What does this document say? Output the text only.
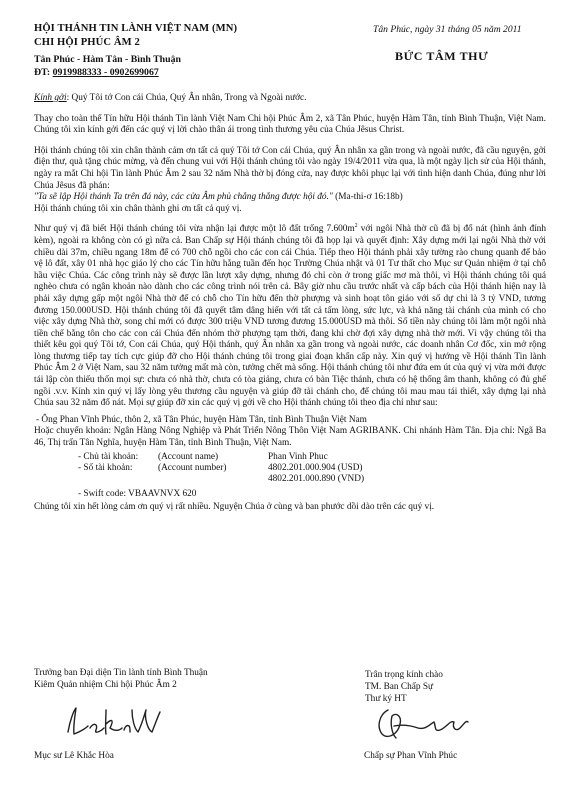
HỘI THÁNH TIN LÀNH VIỆT NAM (MN)
CHI HỘI PHÚC ÂM 2
Tân Phúc - Hàm Tân - Bình Thuận
ĐT: 0919988333 - 0902699067
Tân Phúc, ngày 31 tháng 05 năm 2011
BỨC TÂM THƯ

Kính gởi: Quý Tôi tớ Con cái Chúa, Quý Ân nhân, Trong và Ngoài nước.

Thay cho toàn thể Tín hữu Hội thánh Tin lành Việt Nam Chi hội Phúc Âm 2, xã Tân Phúc, huyện Hàm Tân, tỉnh Bình Thuận, Việt Nam. Chúng tôi xin kính gởi đến các quý vị lời chào thân ái trong tình thương yêu của Chúa Jêsus Christ.

Hội thánh chúng tôi xin chân thành cảm ơn tất cả quý Tôi tớ Con cái Chúa, quý Ân nhân xa gần trong và ngoài nước, đã cầu nguyện, gởi điện thư, quà tặng chúc mừng, và đến chung vui với Hội thánh chúng tôi vào ngày 19/4/2011 vừa qua, là một ngày lịch sử của Hội thánh, ngày ra mắt Chi hội Tin lành Phúc Âm 2 sau 32 năm Nhà thờ bị đóng cửa, nay được khôi phục lại với tình hiện danh Chúa, đúng như lời Chúa Jêsus đã phán:
"Ta sẽ lập Hội thánh Ta trên đá này, các cửa Âm phủ chẳng thắng được hội đó." (Ma-thi-ơ 16:18b)
Hội thánh chúng tôi xin chân thành ghi ơn tất cả quý vị.

Như quý vị đã biết Hội thánh chúng tôi vừa nhận lại được một lô đất trống $7.600m^2$ với ngôi Nhà thờ cũ đã bị đổ nát (hình ảnh đính kèm), ngoài ra không còn có gì nữa cả. Ban Chấp sự Hội thánh chúng tôi đã họp lại và quyết định: Xây dựng mới lại ngôi Nhà thờ với chiều dài 37m, chiều ngang 18m để có 700 chỗ ngồi cho các con cái Chúa. Tiếp theo Hội thánh phải xây tường rào chung quanh để bảo vệ lô đất, xây 01 nhà học giáo lý cho các Tín hữu hằng tuần đến học Trường Chúa nhật và 01 Tư thất cho Mục sư Quản nhiệm ở tại chỗ hầu việc Chúa. Các công trình này sẽ được lần lượt xây dựng, nhưng đó chỉ còn ở trong giấc mơ mà thôi, vì Hội thánh chúng tôi quá nghèo chưa có ngân khoản nào dành cho các công trình nói trên cả. Bây giờ nhu cầu trước nhất và cấp bách của Hội thánh hiện nay là phải xây dựng gấp một ngôi Nhà thờ để có chỗ cho Tín hữu đến thờ phượng và sinh hoạt tôn giáo với số dự chi là 3 tỷ VND, tương đương 150.000USD. Hội thánh chúng tôi đã quyết tâm dâng hiến với tất cả tấm lòng, sức lực, và khả năng tài chánh của mình có cho việc xây dựng Nhà thờ, song chỉ mới có được 300 triệu VND tương đương 15.000USD mà thôi. Số tiền này chúng tôi làm một ngôi nhà tiền chế bằng tôn cho các con cái Chúa đến nhóm thờ phượng tạm thời, đang khi chờ đợi xây dựng nhà thờ mới. Vì vậy chúng tôi tha thiết kêu gọi quý Tôi tớ, Con cái Chúa, quý Hội thánh, quý Ân nhân xa gần trong và ngoài nước, các doanh nhân Cơ đốc, xin mở rộng lòng thương tiếp tay tích cực giúp đỡ cho Hội thánh chúng tôi trong giai đoạn khẩn cấp này. Xin quý vị hướng về Hội thánh Tin lành Phúc Âm 2 ở Việt Nam, sau 32 năm tưởng mất mà còn, tưởng chết mà sống. Hội thánh chúng tôi như đứa em út của quý vị vừa mới được tái lập còn thiếu thốn mọi sự: chưa có nhà thờ, chưa có tòa giảng, chưa có bàn Tiệc thánh, chưa có hệ thống âm thanh, không có đủ ghế ngồi .v.v. Kính xin quý vị lấy lòng yêu thương cầu nguyện và giúp đỡ tài chánh cho, để chúng tôi mau mau tái thiết, xây dựng lại nhà Chúa sau 32 năm đổ nát. Mọi sự giúp đỡ xin các quý vị gởi về cho Hội thánh chúng tôi theo địa chỉ như sau:

- Ông Phan Vĩnh Phúc, thôn 2, xã Tân Phúc, huyện Hàm Tân, tỉnh Bình Thuận Việt Nam
Hoặc chuyển khoản: Ngân Hàng Nông Nghiệp và Phát Triển Nông Thôn Việt Nam AGRIBANK. Chi nhánh Hàm Tân. Địa chỉ: Ngã Ba 46, Thị trấn Tân Nghĩa, huyện Hàm Tân, tỉnh Bình Thuận, Việt Nam.
- Chủ tài khoản:	(Account name)	Phan Vinh Phuc
- Số tài khoản:	(Account number)	4802.201.000.904 (USD)
4802.201.000.890 (VND)
- Swift code: VBAAVNVX 620
Chúng tôi xin hết lòng cảm ơn quý vị rất nhiều. Nguyện Chúa ở cùng và ban phước dồi dào trên các quý vị.
Trưởng ban Đại diện Tin lành tỉnh Bình Thuận
Kiêm Quản nhiệm Chi hội Phúc Âm 2
Mục sư Lê Khắc Hòa
Trân trọng kính chào
TM. Ban Chấp Sự
Thư ký HT
Chấp sự Phan Vĩnh Phúc
